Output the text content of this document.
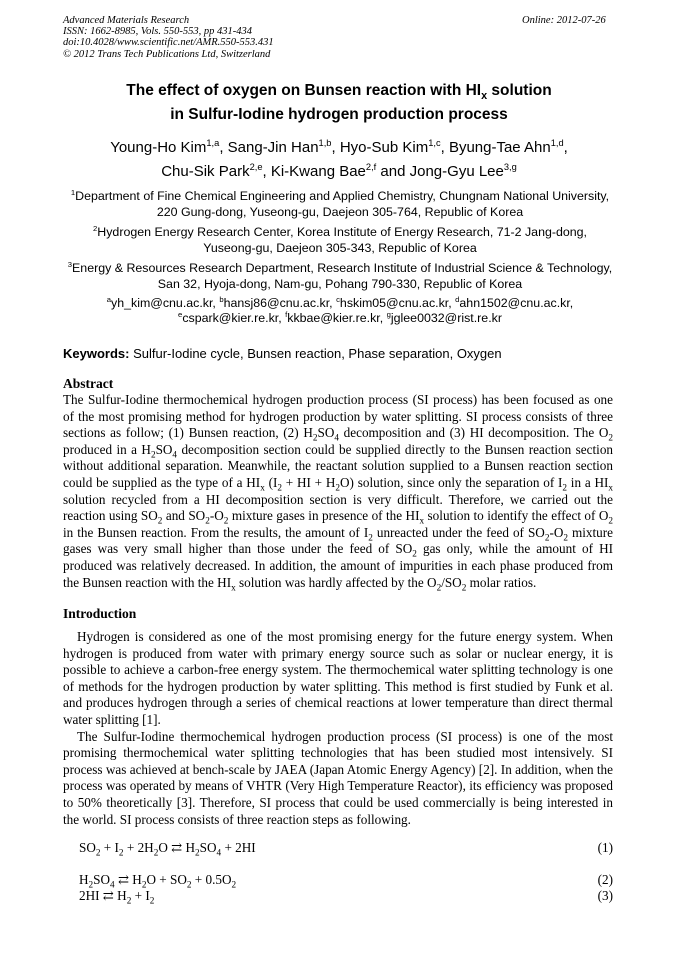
Advanced Materials Research
ISSN: 1662-8985, Vols. 550-553, pp 431-434
doi:10.4028/www.scientific.net/AMR.550-553.431
© 2012 Trans Tech Publications Ltd, Switzerland
Online: 2012-07-26
The effect of oxygen on Bunsen reaction with $HI_x$ solution
in Sulfur-Iodine hydrogen production process
Young-Ho Kim$^{1,a}$, Sang-Jin Han$^{1,b}$, Hyo-Sub Kim$^{1,c}$, Byung-Tae Ahn$^{1,d}$,
Chu-Sik Park$^{2,e}$, Ki-Kwang Bae$^{2,f}$ and Jong-Gyu Lee$^{3,g}$
$^1$Department of Fine Chemical Engineering and Applied Chemistry, Chungnam National University,
220 Gung-dong, Yuseong-gu, Daejeon 305-764, Republic of Korea
$^2$Hydrogen Energy Research Center, Korea Institute of Energy Research, 71-2 Jang-dong,
Yuseong-gu, Daejeon 305-343, Republic of Korea
$^3$Energy & Resources Research Department, Research Institute of Industrial Science & Technology,
San 32, Hyoja-dong, Nam-gu, Pohang 790-330, Republic of Korea
$^a$yh_kim@cnu.ac.kr, $^b$hansj86@cnu.ac.kr, $^c$hskim05@cnu.ac.kr, $^d$ahn1502@cnu.ac.kr,
$^e$cspark@kier.re.kr, $^f$kkbae@kier.re.kr, $^g$jglee0032@rist.re.kr
Keywords: Sulfur-Iodine cycle, Bunsen reaction, Phase separation, Oxygen
Abstract

The Sulfur-Iodine thermochemical hydrogen production process (SI process) has been focused as one of the most promising method for hydrogen production by water splitting. SI process consists of three sections as follow; (1) Bunsen reaction, (2) $H_2SO_4$ decomposition and (3) HI decomposition. The $O_2$ produced in a $H_2SO_4$ decomposition section could be supplied directly to the Bunsen reaction section without additional separation. Meanwhile, the reactant solution supplied to a Bunsen reaction section could be supplied as the type of a $HI_x$ ($I_2$ + HI + $H_2O$) solution, since only the separation of $I_2$ in a $HI_x$ solution recycled from a HI decomposition section is very difficult. Therefore, we carried out the reaction using $SO_2$ and $SO_2-O_2$ mixture gases in presence of the $HI_x$ solution to identify the effect of $O_2$ in the Bunsen reaction. From the results, the amount of $I_2$ unreacted under the feed of $SO_2-O_2$ mixture gases was very small higher than those under the feed of $SO_2$ gas only, while the amount of HI produced was relatively decreased. In addition, the amount of impurities in each phase produced from the Bunsen reaction with the $HI_x$ solution was hardly affected by the $O_2/SO_2$ molar ratios.

Introduction

Hydrogen is considered as one of the most promising energy for the future energy system. When hydrogen is produced from water with primary energy source such as solar or nuclear energy, it is possible to achieve a carbon-free energy system. The thermochemical water splitting technology is one of methods for the hydrogen production by water splitting. This method is first studied by Funk et al. and produces hydrogen through a series of chemical reactions at lower temperature than direct thermal water splitting [1].

The Sulfur-Iodine thermochemical hydrogen production process (SI process) is one of the most promising thermochemical water splitting technologies that has been studied most intensively. SI process was achieved at bench-scale by JAEA (Japan Atomic Energy Agency) [2]. In addition, when the process was operated by means of VHTR (Very High Temperature Reactor), its efficiency was proposed to 50% theoretically [3]. Therefore, SI process that could be used commercially is being interested in the world. SI process consists of three reaction steps as following.

$SO_2 + I_2 + 2H_2O$ ⇄ $H_2SO_4 + 2HI$	(1)
$H_2SO_4$ ⇄ $H_2O + SO_2 + 0.5O_2$	(2)
2HI ⇄ $H_2 + I_2$	(3)
